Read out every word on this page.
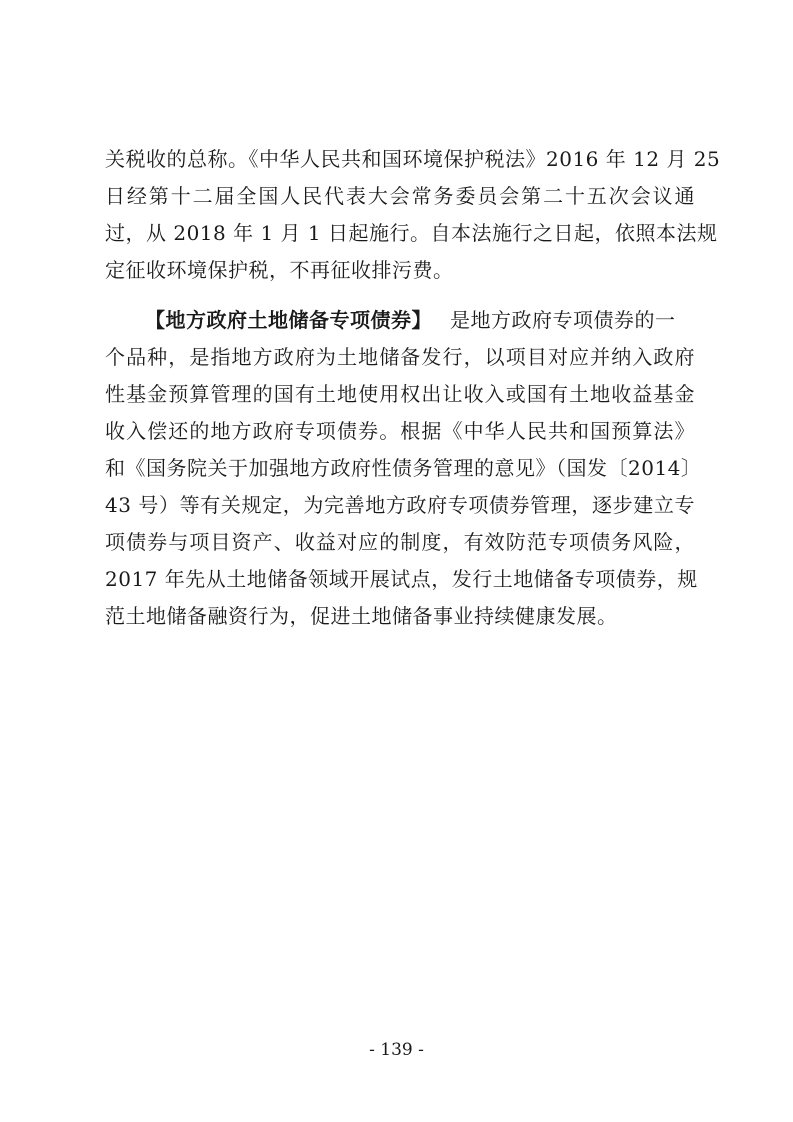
关税收的总称。《中华人民共和国环境保护税法》2016 年 12 月 25
日经第十二届全国人民代表大会常务委员会第二十五次会议通
过，从 2018 年 1 月 1 日起施行。自本法施行之日起，依照本法规
定征收环境保护税，不再征收排污费。
【地方政府土地储备专项债券】 是地方政府专项债券的一
个品种，是指地方政府为土地储备发行，以项目对应并纳入政府
性基金预算管理的国有土地使用权出让收入或国有土地收益基金
收入偿还的地方政府专项债券。根据《中华人民共和国预算法》
和《国务院关于加强地方政府性债务管理的意见》（国发〔2014〕
43 号）等有关规定，为完善地方政府专项债券管理，逐步建立专
项债券与项目资产、收益对应的制度，有效防范专项债务风险，
2017 年先从土地储备领域开展试点，发行土地储备专项债券，规
范土地储备融资行为，促进土地储备事业持续健康发展。
- 139 -
